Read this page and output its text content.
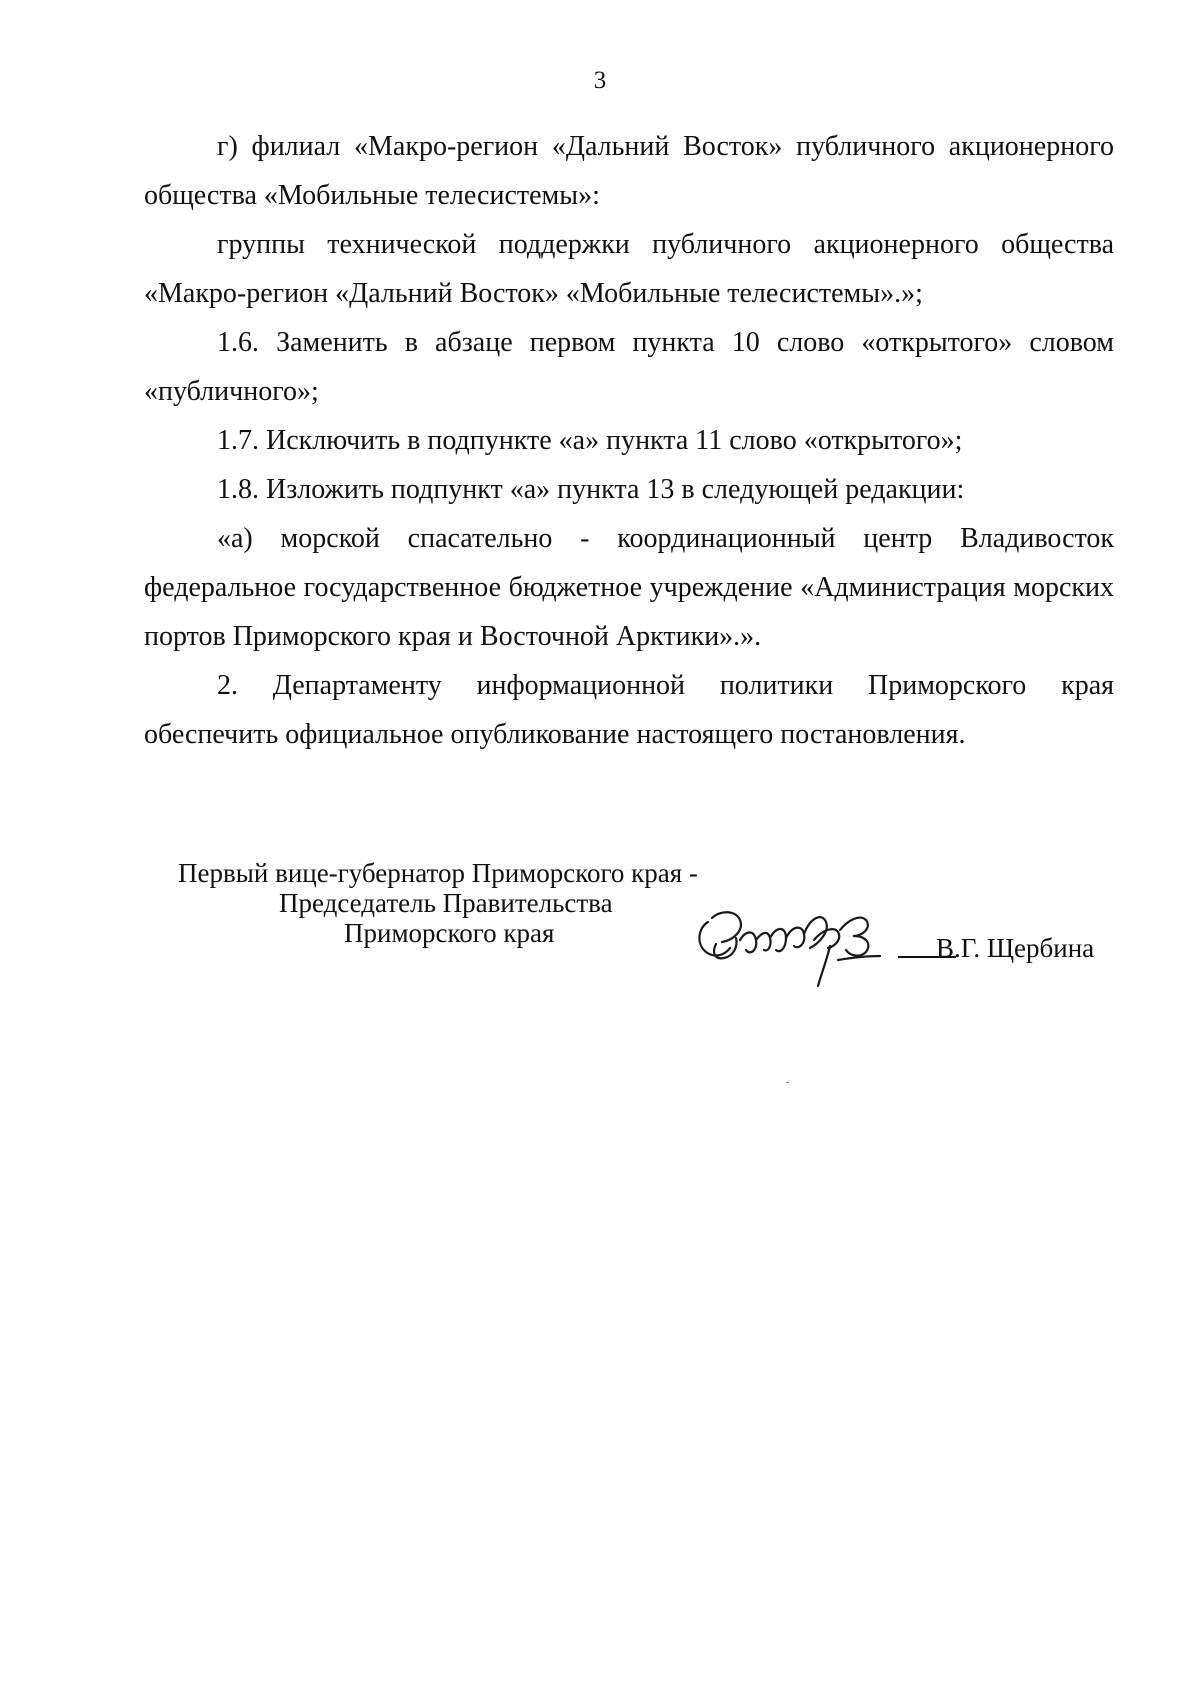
3

г) филиал «Макро-регион «Дальний Восток» публичного акционерного общества «Мобильные телесистемы»:

группы технической поддержки публичного акционерного общества «Макро-регион «Дальний Восток» «Мобильные телесистемы».»;

1.6. Заменить в абзаце первом пункта 10 слово «открытого» словом «публичного»;

1.7. Исключить в подпункте «а» пункта 11 слово «открытого»;

1.8. Изложить подпункт «а» пункта 13 в следующей редакции:

«а) морской спасательно - координационный центр Владивосток федеральное государственное бюджетное учреждение «Администрация морских портов Приморского края и Восточной Арктики».».

2. Департаменту информационной политики Приморского края обеспечить официальное опубликование настоящего постановления.

Первый вице-губернатор Приморского края -
Председатель Правительства
Приморского края	В.Г. Щербина
